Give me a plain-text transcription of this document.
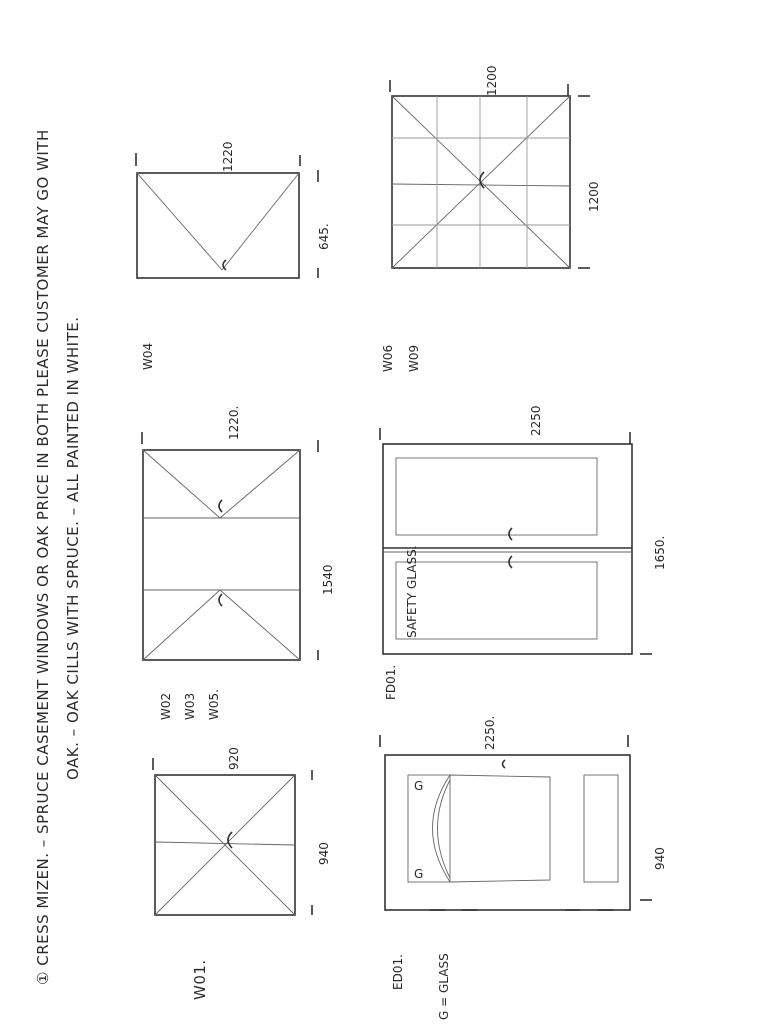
① CRESS MIZEN. – SPRUCE CASEMENT WINDOWS OR OAK PRICE IN BOTH PLEASE CUSTOMER MAY GO WITH OAK. – OAK CILLS WITH SPRUCE. – ALL PAINTED IN WHITE.	920
940
W01.
1220.
1540
W02 W03 W05.
1220
645.
W04
1200
1200
W06 W09
2250
1650.
SAFETY GLASS.
FD01.
G
G
2250.
940
ED01.	G = GLASS
